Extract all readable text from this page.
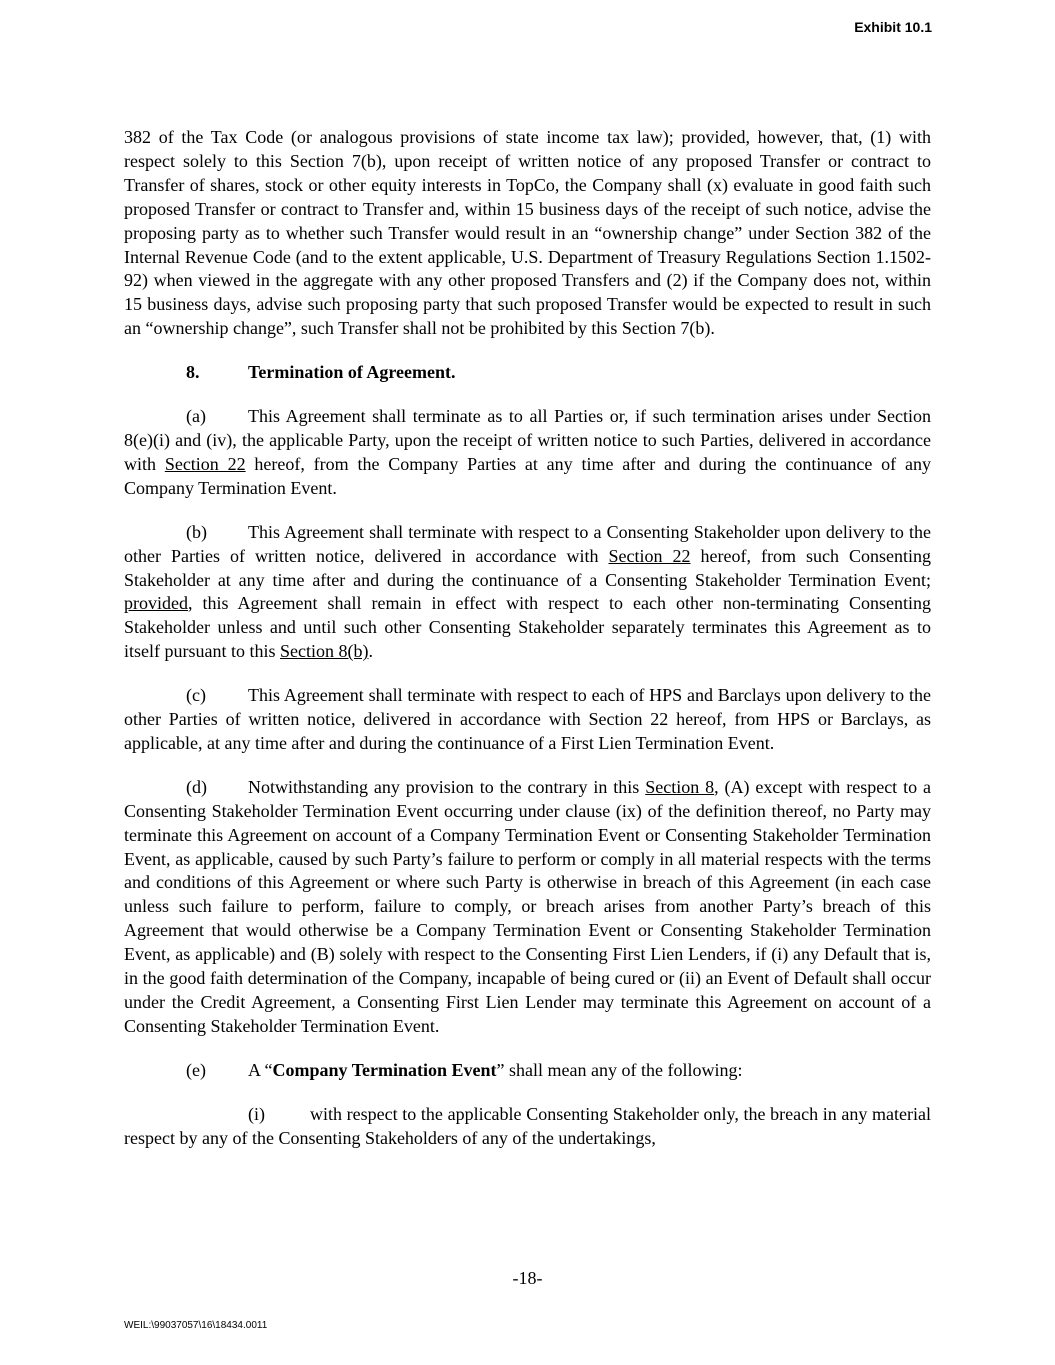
Exhibit 10.1

382 of the Tax Code (or analogous provisions of state income tax law); provided, however, that, (1) with respect solely to this Section 7(b), upon receipt of written notice of any proposed Transfer or contract to Transfer of shares, stock or other equity interests in TopCo, the Company shall (x) evaluate in good faith such proposed Transfer or contract to Transfer and, within 15 business days of the receipt of such notice, advise the proposing party as to whether such Transfer would result in an “ownership change” under Section 382 of the Internal Revenue Code (and to the extent applicable, U.S. Department of Treasury Regulations Section 1.1502-92) when viewed in the aggregate with any other proposed Transfers and (2) if the Company does not, within 15 business days, advise such proposing party that such proposed Transfer would be expected to result in such an “ownership change”, such Transfer shall not be prohibited by this Section 7(b).

8.	Termination of Agreement.

(a) This Agreement shall terminate as to all Parties or, if such termination arises under Section 8(e)(i) and (iv), the applicable Party, upon the receipt of written notice to such Parties, delivered in accordance with Section 22 hereof, from the Company Parties at any time after and during the continuance of any Company Termination Event.

(b) This Agreement shall terminate with respect to a Consenting Stakeholder upon delivery to the other Parties of written notice, delivered in accordance with Section 22 hereof, from such Consenting Stakeholder at any time after and during the continuance of a Consenting Stakeholder Termination Event; provided, this Agreement shall remain in effect with respect to each other non-terminating Consenting Stakeholder unless and until such other Consenting Stakeholder separately terminates this Agreement as to itself pursuant to this Section 8(b).

(c) This Agreement shall terminate with respect to each of HPS and Barclays upon delivery to the other Parties of written notice, delivered in accordance with Section 22 hereof, from HPS or Barclays, as applicable, at any time after and during the continuance of a First Lien Termination Event.

(d) Notwithstanding any provision to the contrary in this Section 8, (A) except with respect to a Consenting Stakeholder Termination Event occurring under clause (ix) of the definition thereof, no Party may terminate this Agreement on account of a Company Termination Event or Consenting Stakeholder Termination Event, as applicable, caused by such Party’s failure to perform or comply in all material respects with the terms and conditions of this Agreement or where such Party is otherwise in breach of this Agreement (in each case unless such failure to perform, failure to comply, or breach arises from another Party’s breach of this Agreement that would otherwise be a Company Termination Event or Consenting Stakeholder Termination Event, as applicable) and (B) solely with respect to the Consenting First Lien Lenders, if (i) any Default that is, in the good faith determination of the Company, incapable of being cured or (ii) an Event of Default shall occur under the Credit Agreement, a Consenting First Lien Lender may terminate this Agreement on account of a Consenting Stakeholder Termination Event.

(e) A “Company Termination Event” shall mean any of the following:

(i)	with respect to the applicable Consenting Stakeholder only, the breach in any material respect by any of the Consenting Stakeholders of any of the undertakings,

-18-
WEIL:\99037057\16\18434.0011
